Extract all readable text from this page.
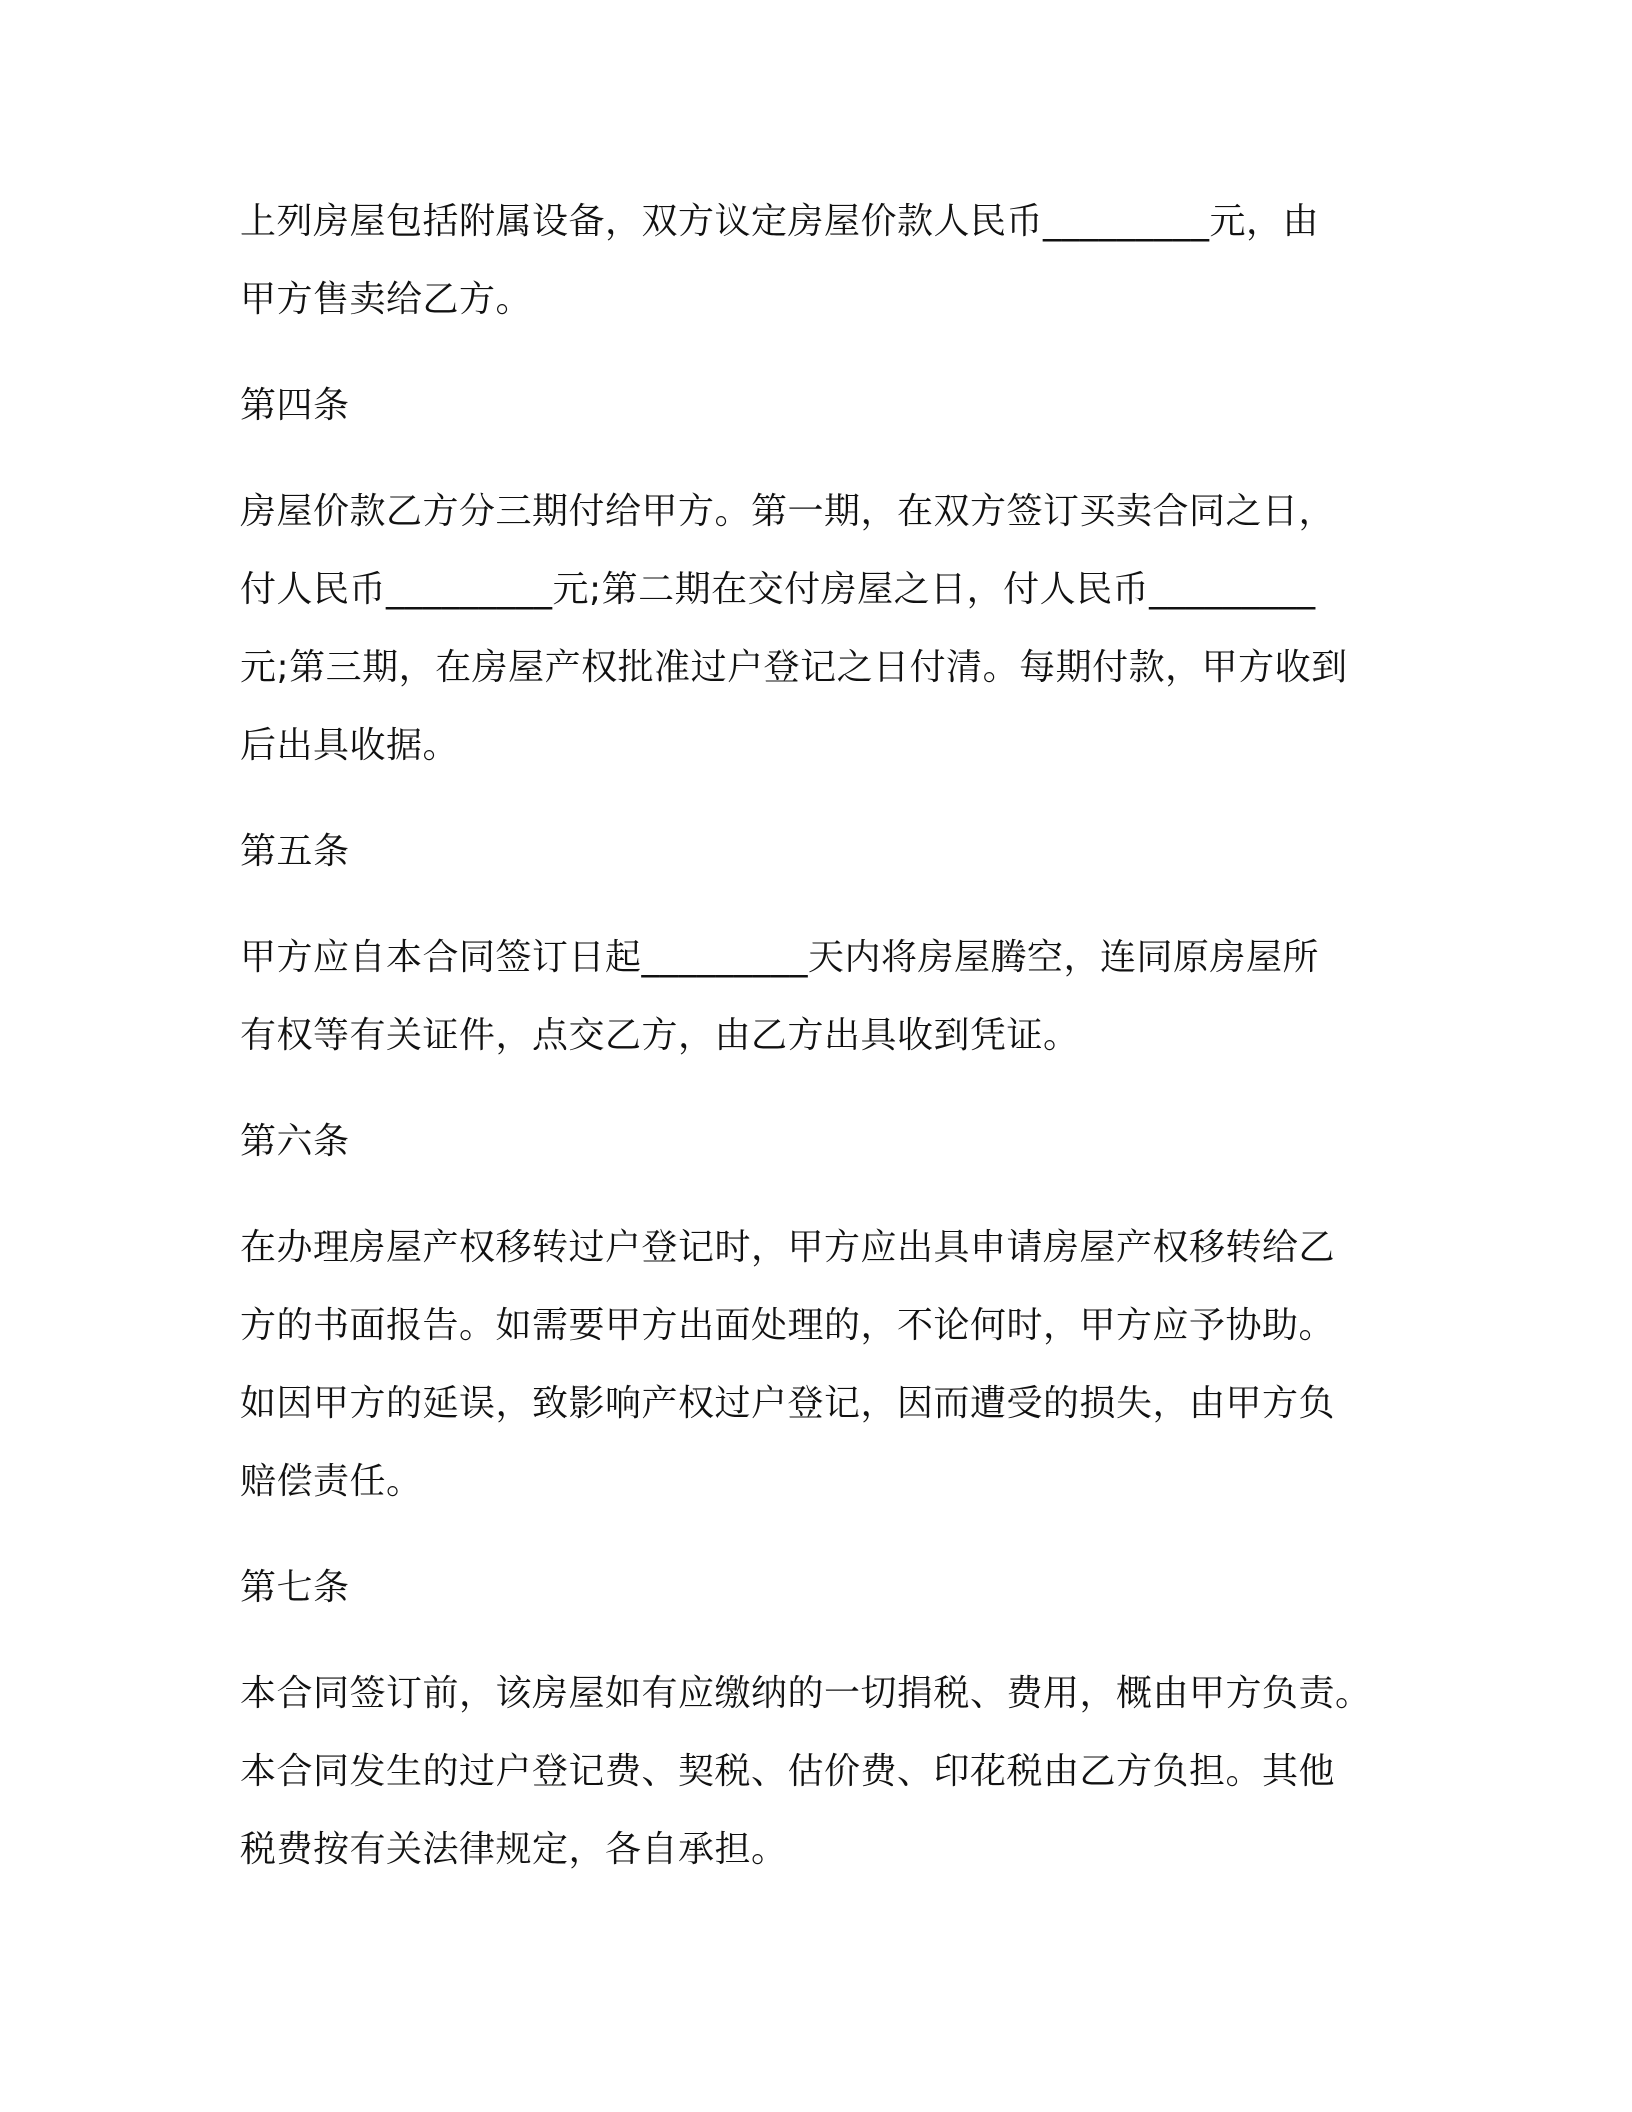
上列房屋包括附属设备，双方议定房屋价款人民币_________元，由
甲方售卖给乙方。
第四条
房屋价款乙方分三期付给甲方。第一期，在双方签订买卖合同之日，
付人民币_________元;第二期在交付房屋之日，付人民币_________
元;第三期，在房屋产权批准过户登记之日付清。每期付款，甲方收到
后出具收据。
第五条
甲方应自本合同签订日起_________天内将房屋腾空，连同原房屋所
有权等有关证件，点交乙方，由乙方出具收到凭证。
第六条
在办理房屋产权移转过户登记时，甲方应出具申请房屋产权移转给乙
方的书面报告。如需要甲方出面处理的，不论何时，甲方应予协助。
如因甲方的延误，致影响产权过户登记，因而遭受的损失，由甲方负
赔偿责任。
第七条
本合同签订前，该房屋如有应缴纳的一切捐税、费用，概由甲方负责。
本合同发生的过户登记费、契税、估价费、印花税由乙方负担。其他
税费按有关法律规定，各自承担。
